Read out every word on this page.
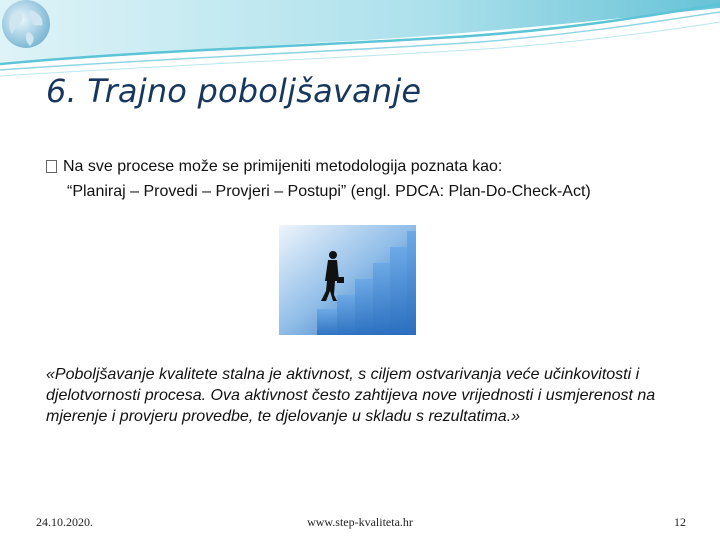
6. Trajno poboljšavanje
Na sve procese može se primijeniti metodologija poznata kao:
“Planiraj – Provedi – Provjeri – Postupi” (engl. PDCA: Plan-Do-Check-Act)
«Poboljšavanje kvalitete stalna je aktivnost, s ciljem ostvarivanja veće učinkovitosti i djelotvornosti procesa. Ova aktivnost često zahtijeva nove vrijednosti i usmjerenost na mjerenje i provjeru provedbe, te djelovanje u skladu s rezultatima.»
24.10.2020.	www.step-kvaliteta.hr	12
